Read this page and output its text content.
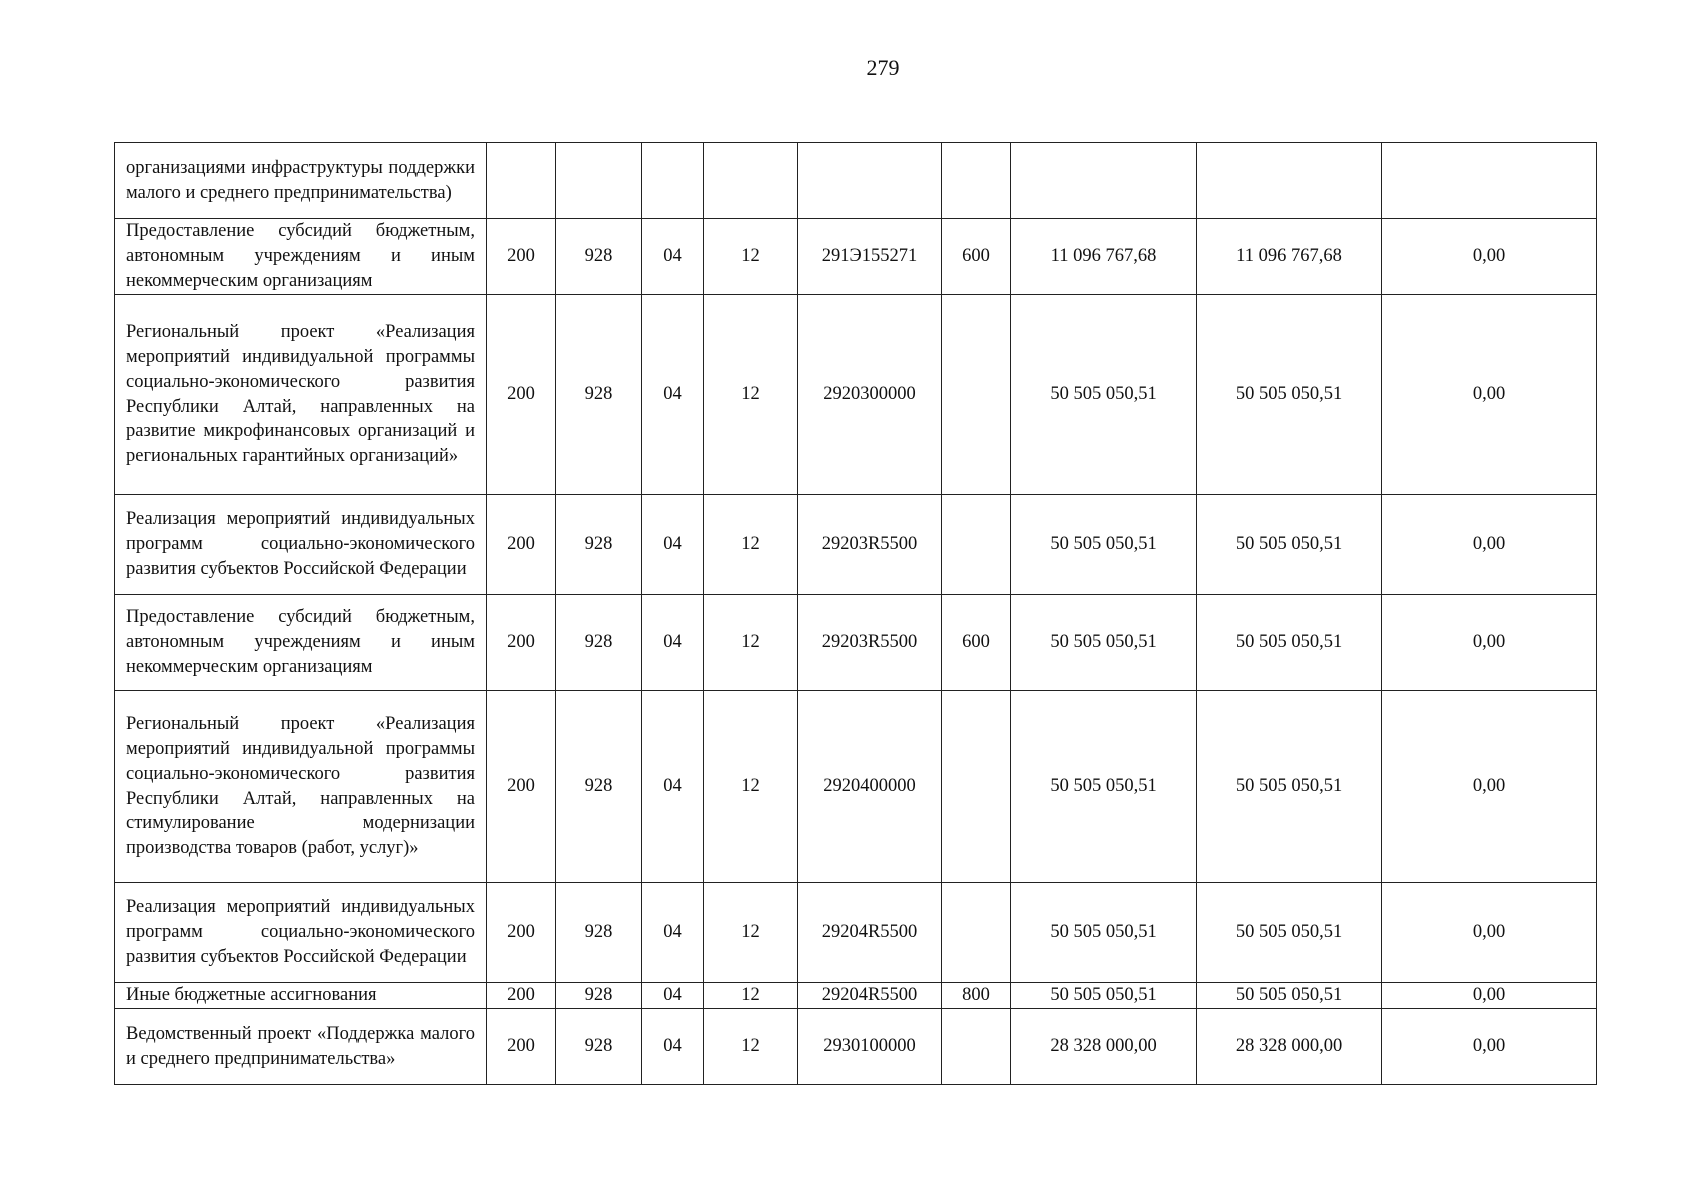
279
организациями инфраструктуры поддержки малого и среднего предпринимательства)									
Предоставление субсидий бюджетным, автономным учреждениям и иным некоммерческим организациям	200	928	04	12	291Э155271	600	11 096 767,68	11 096 767,68	0,00
Региональный проект «Реализация мероприятий индивидуальной программы социально-экономического развития Республики Алтай, направленных на развитие микрофинансовых организаций и региональных гарантийных организаций»	200	928	04	12	2920300000		50 505 050,51	50 505 050,51	0,00
Реализация мероприятий индивидуальных программ социально-экономического развития субъектов Российской Федерации	200	928	04	12	29203R5500		50 505 050,51	50 505 050,51	0,00
Предоставление субсидий бюджетным, автономным учреждениям и иным некоммерческим организациям	200	928	04	12	29203R5500	600	50 505 050,51	50 505 050,51	0,00
Региональный проект «Реализация мероприятий индивидуальной программы социально-экономического развития Республики Алтай, направленных на стимулирование модернизации производства товаров (работ, услуг)»	200	928	04	12	2920400000		50 505 050,51	50 505 050,51	0,00
Реализация мероприятий индивидуальных программ социально-экономического развития субъектов Российской Федерации	200	928	04	12	29204R5500		50 505 050,51	50 505 050,51	0,00
Иные бюджетные ассигнования	200	928	04	12	29204R5500	800	50 505 050,51	50 505 050,51	0,00
Ведомственный проект «Поддержка малого и среднего предпринимательства»	200	928	04	12	2930100000		28 328 000,00	28 328 000,00	0,00
